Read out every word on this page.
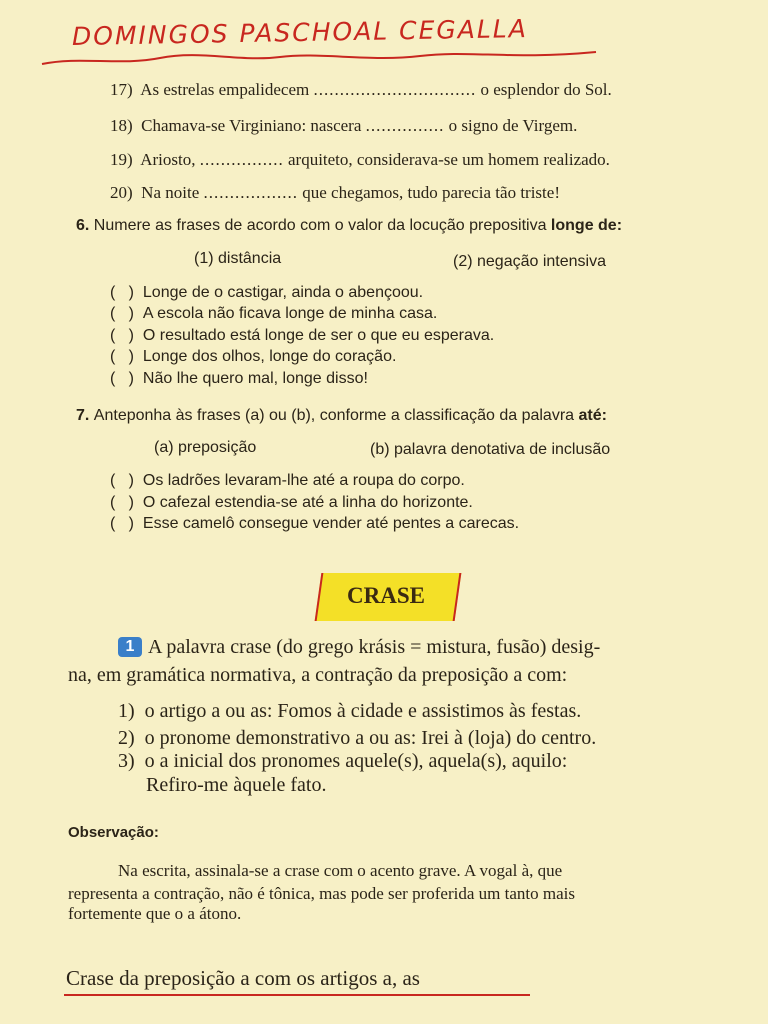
DOMINGOS PASCHOAL CEGALLA
17) As estrelas empalidecem ............................... o esplendor do Sol.
18) Chamava-se Virginiano: nascera ............... o signo de Virgem.
19) Ariosto, ................ arquiteto, considerava-se um homem realizado.
20) Na noite .................. que chegamos, tudo parecia tão triste!
6. Numere as frases de acordo com o valor da locução prepositiva longe de:
(1) distância	(2) negação intensiva
(   )  Longe de o castigar, ainda o abençoou.
(   )  A escola não ficava longe de minha casa.
(   )  O resultado está longe de ser o que eu esperava.
(   )  Longe dos olhos, longe do coração.
(   )  Não lhe quero mal, longe disso!
7. Anteponha às frases (a) ou (b), conforme a classificação da palavra até:
(a) preposição	(b) palavra denotativa de inclusão
(   )  Os ladrões levaram-lhe até a roupa do corpo.
(   )  O cafezal estendia-se até a linha do horizonte.
(   )  Esse camelô consegue vender até pentes a carecas.
CRASE
1 A palavra crase (do grego krásis = mistura, fusão) desig-
na, em gramática normativa, a contração da preposição a com:
1) o artigo a ou as: Fomos à cidade e assistimos às festas.
2) o pronome demonstrativo a ou as: Irei à (loja) do centro.
3) o a inicial dos pronomes aquele(s), aquela(s), aquilo:
Refiro-me àquele fato.
Observação:
Na escrita, assinala-se a crase com o acento grave. A vogal à, que
representa a contração, não é tônica, mas pode ser proferida um tanto mais
fortemente que o a átono.
Crase da preposição a com os artigos a, as
